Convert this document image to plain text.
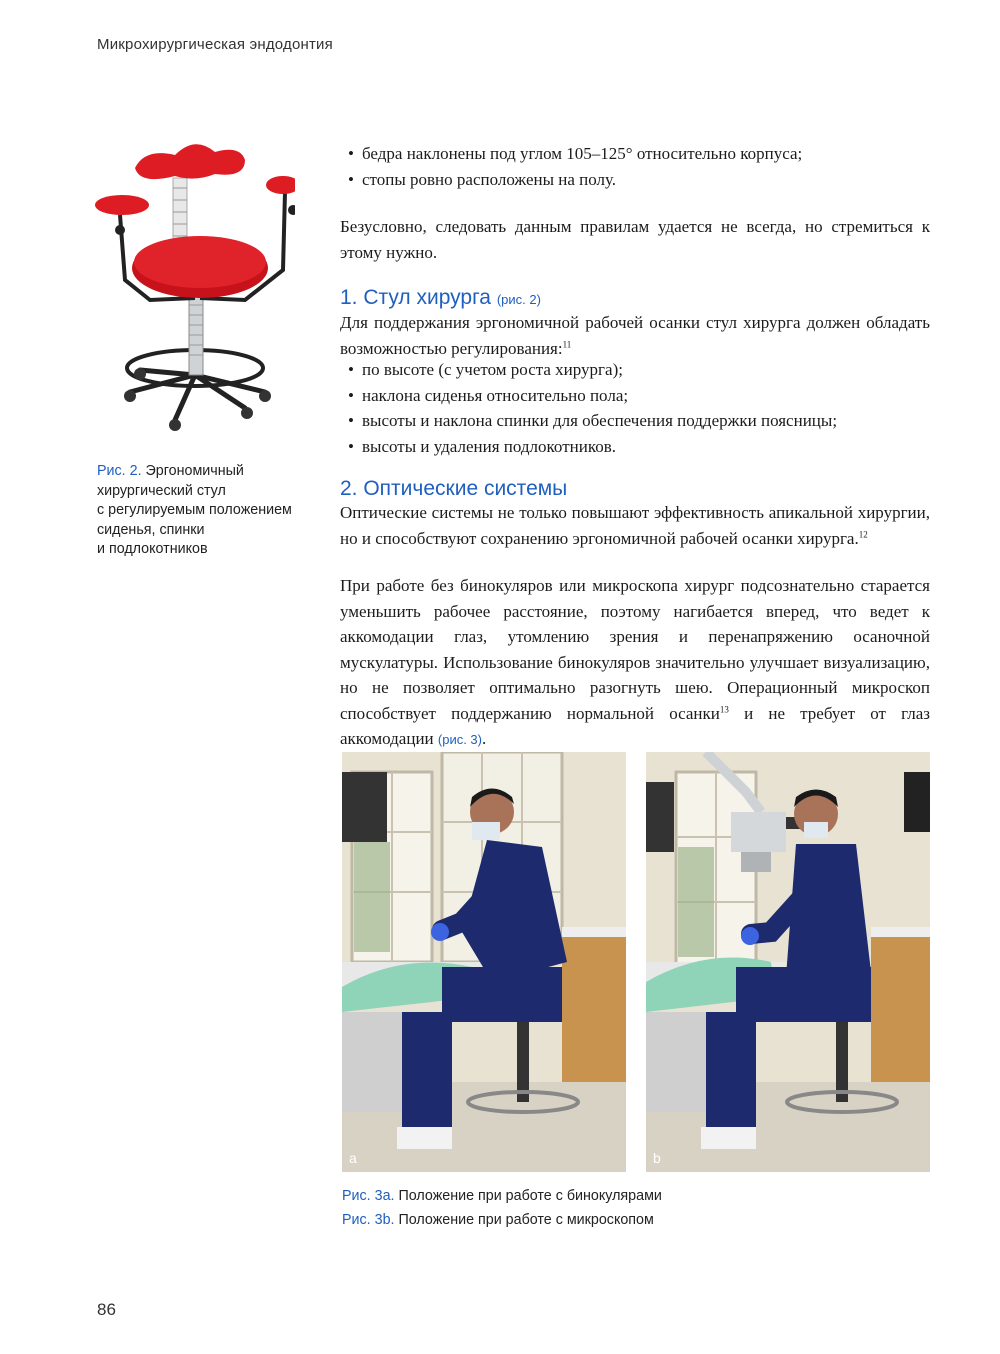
Микрохирургическая эндодонтия
Рис. 2. Эргономичный
хирургический стул
с регулируемым положением
сиденья, спинки
и подлокотников
• бедра наклонены под углом 105–125° относительно корпуса;
• стопы ровно расположены на полу.

Безусловно, следовать данным правилам удается не всегда, но стремиться к этому нужно.

1. Стул хирурга (рис. 2)

Для поддержания эргономичной рабочей осанки стул хирурга должен обладать возможностью регулирования:$^{11}$

• по высоте (с учетом роста хирурга);
• наклона сиденья относительно пола;
• высоты и наклона спинки для обеспечения поддержки поясницы;
• высоты и удаления подлокотников.
2. Оптические системы

Оптические системы не только повышают эффективность апикальной хирургии, но и способствуют сохранению эргономичной рабочей осанки хирурга.$^{12}$

При работе без бинокуляров или микроскопа хирург подсознательно старается уменьшить рабочее расстояние, поэтому нагибается вперед, что ведет к аккомодации глаз, утомлению зрения и перенапряжению осаночной мускулатуры. Использование бинокуляров значительно улучшает визуализацию, но не позволяет оптимально разогнуть шею. Операционный микроскоп способствует поддержанию нормальной осанки$^{13}$ и не требует от глаз аккомодации (рис. 3).

a	b
Рис. 3a. Положение при работе с бинокулярами
Рис. 3b. Положение при работе с микроскопом
86
